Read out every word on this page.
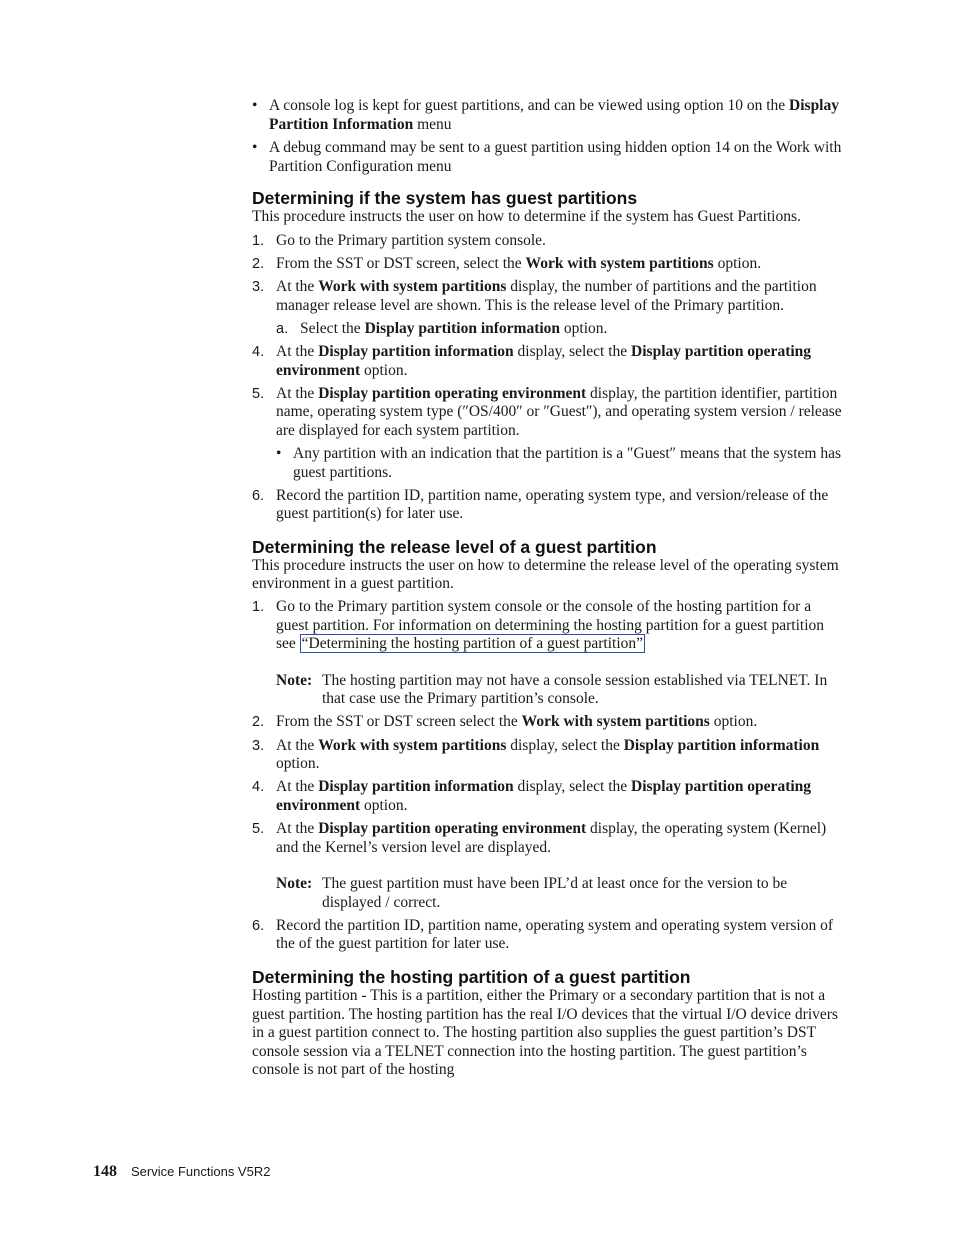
• A console log is kept for guest partitions, and can be viewed using option 10 on the Display Partition Information menu
• A debug command may be sent to a guest partition using hidden option 14 on the Work with Partition Configuration menu
Determining if the system has guest partitions

This procedure instructs the user on how to determine if the system has Guest Partitions.

1. Go to the Primary partition system console.
2. From the SST or DST screen, select the Work with system partitions option.
3. At the Work with system partitions display, the number of partitions and the partition manager release level are shown. This is the release level of the Primary partition.
a. Select the Display partition information option.
4. At the Display partition information display, select the Display partition operating environment option.
5. At the Display partition operating environment display, the partition identifier, partition name, operating system type (″OS/400″ or ″Guest″), and operating system version / release are displayed for each system partition.
• Any partition with an indication that the partition is a ″Guest″ means that the system has guest partitions.
6. Record the partition ID, partition name, operating system type, and version/release of the guest partition(s) for later use.
Determining the release level of a guest partition

This procedure instructs the user on how to determine the release level of the operating system environment in a guest partition.

1. Go to the Primary partition system console or the console of the hosting partition for a guest partition. For information on determining the hosting partition for a guest partition see “Determining the hosting partition of a guest partition”
Note: The hosting partition may not have a console session established via TELNET. In that case use the Primary partition’s console.
2. From the SST or DST screen select the Work with system partitions option.
3. At the Work with system partitions display, select the Display partition information option.
4. At the Display partition information display, select the Display partition operating environment option.
5. At the Display partition operating environment display, the operating system (Kernel) and the Kernel’s version level are displayed.
Note: The guest partition must have been IPL’d at least once for the version to be displayed / correct.
6. Record the partition ID, partition name, operating system and operating system version of the of the guest partition for later use.
Determining the hosting partition of a guest partition

Hosting partition - This is a partition, either the Primary or a secondary partition that is not a guest partition. The hosting partition has the real I/O devices that the virtual I/O device drivers in a guest partition connect to. The hosting partition also supplies the guest partition’s DST console session via a TELNET connection into the hosting partition. The guest partition’s console is not part of the hosting

148 Service Functions V5R2
